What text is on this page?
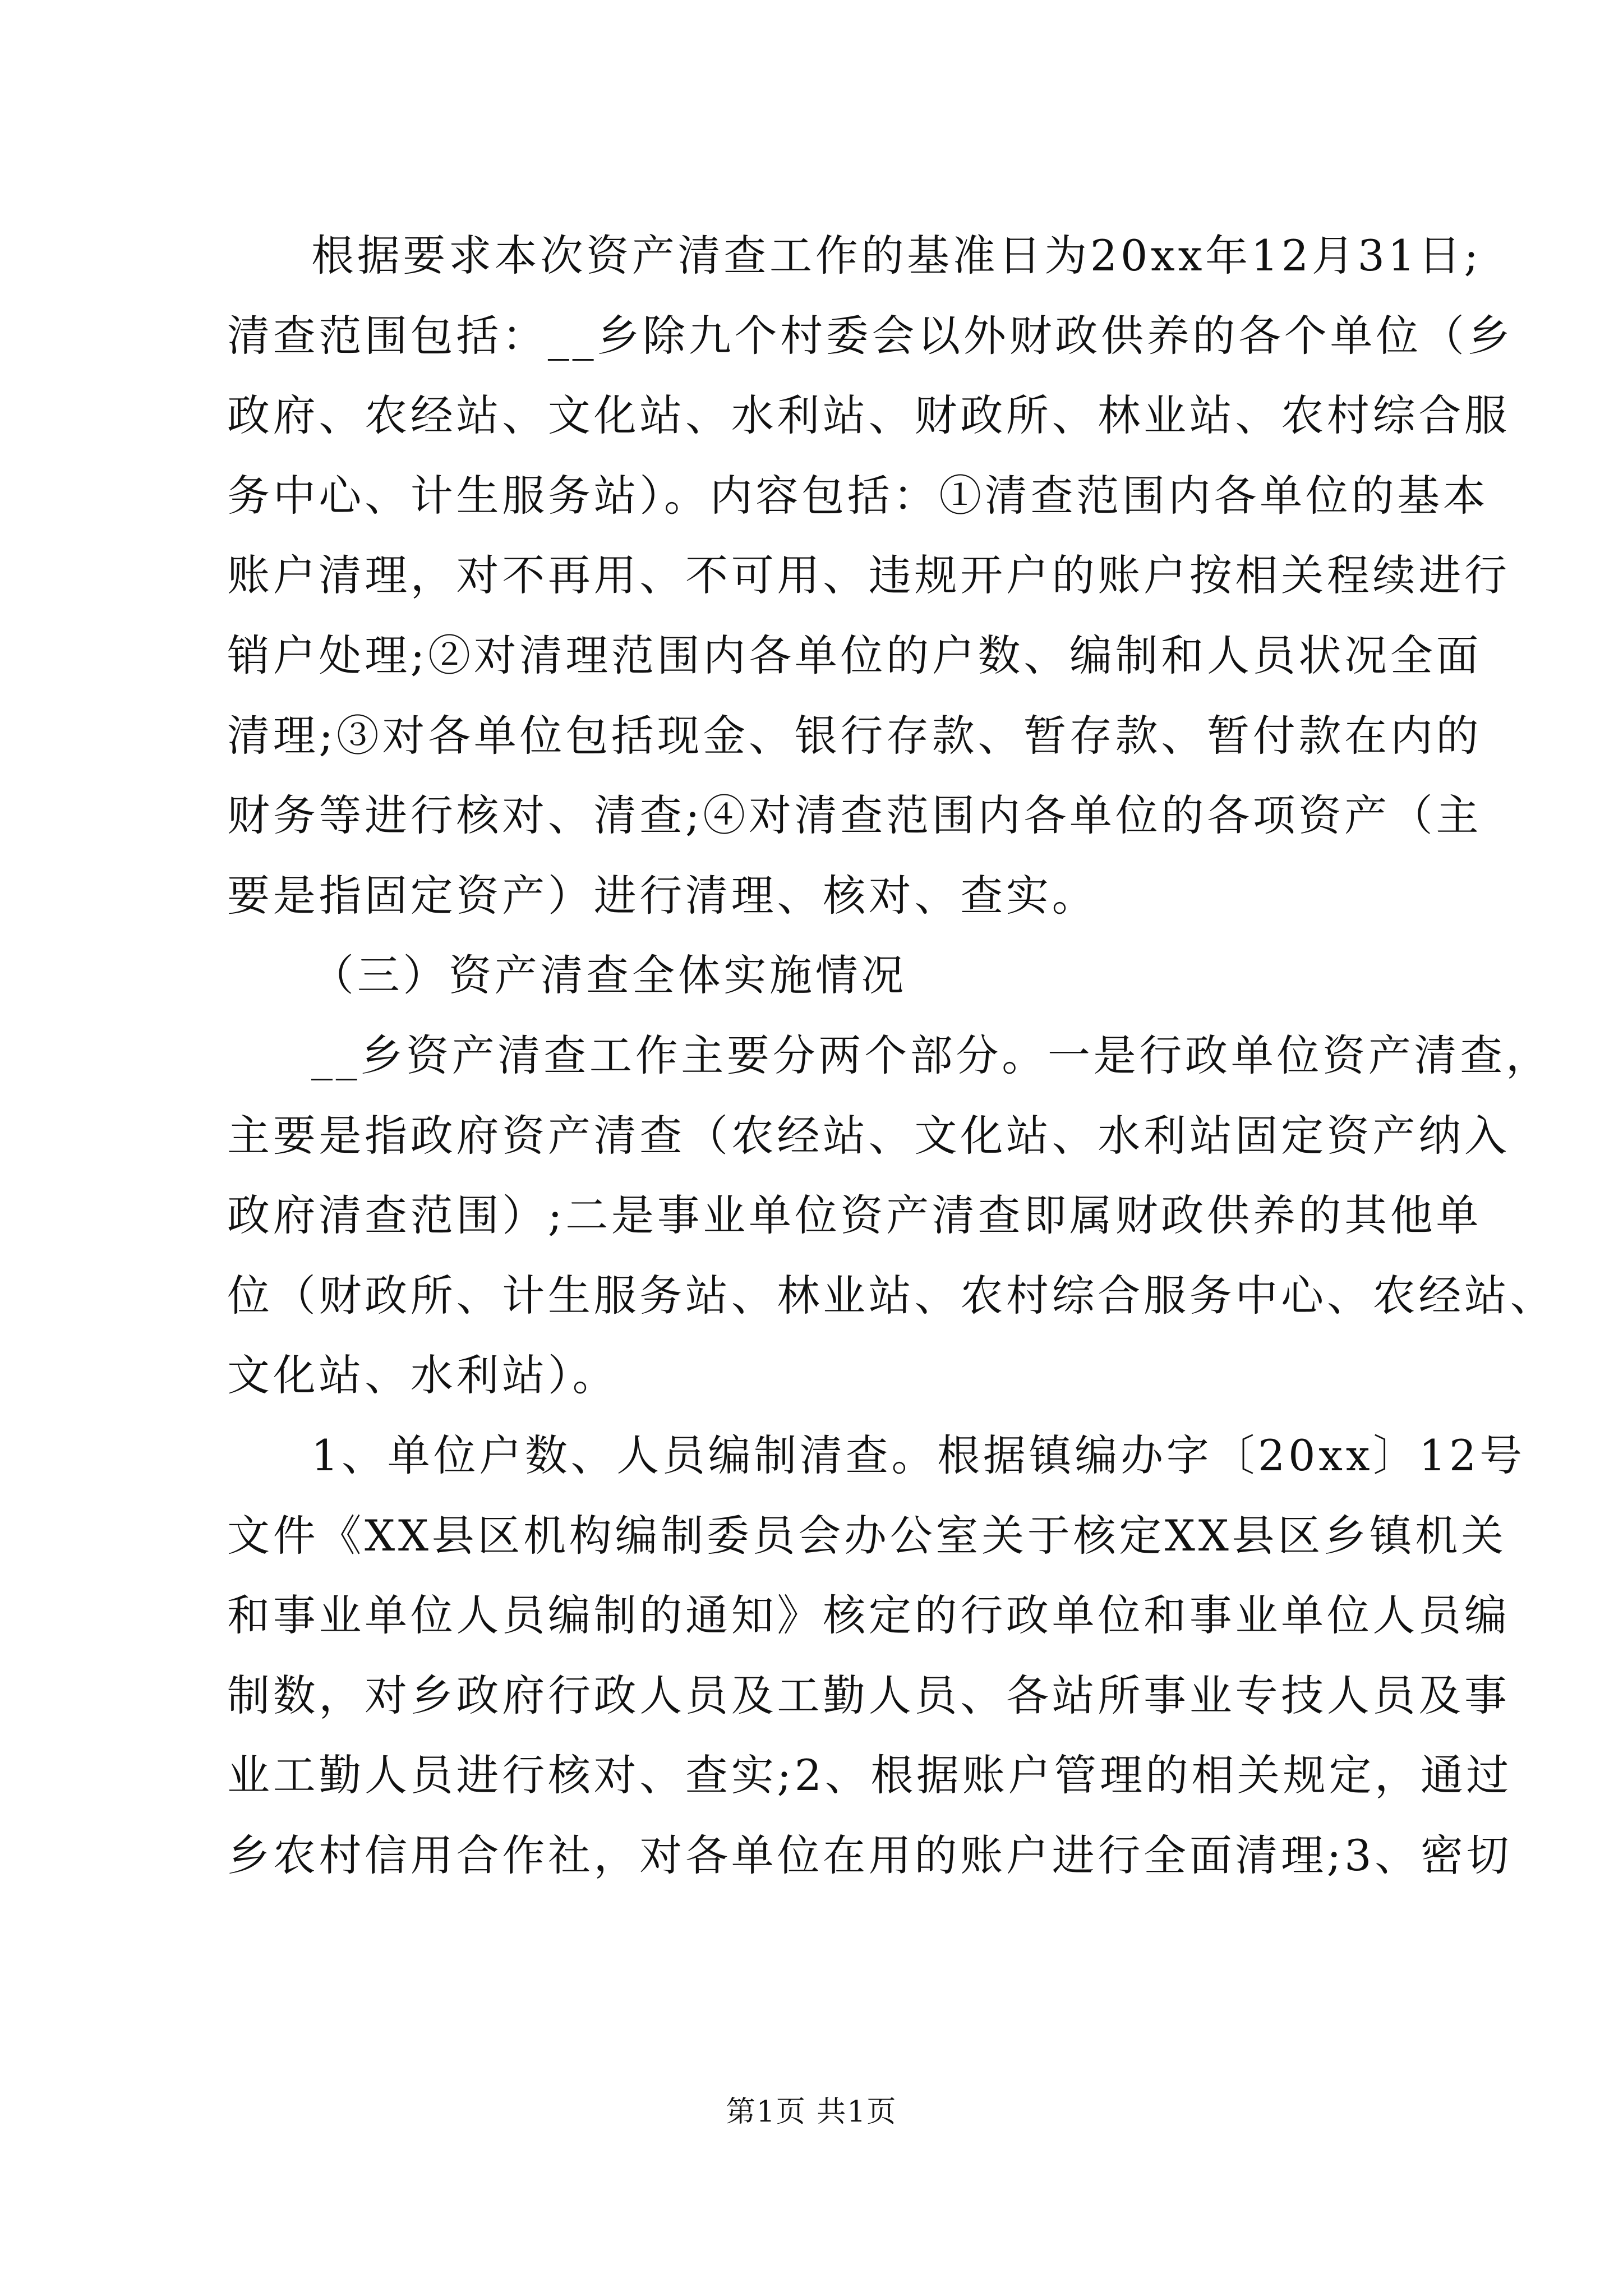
根据要求本次资产清查工作的基准日为20xx年12月31日;
清查范围包括：__乡除九个村委会以外财政供养的各个单位（乡
政府、农经站、文化站、水利站、财政所、林业站、农村综合服
务中心、计生服务站）。内容包括：①清查范围内各单位的基本
账户清理，对不再用、不可用、违规开户的账户按相关程续进行
销户处理;②对清理范围内各单位的户数、编制和人员状况全面
清理;③对各单位包括现金、银行存款、暂存款、暂付款在内的
财务等进行核对、清查;④对清查范围内各单位的各项资产（主
要是指固定资产）进行清理、核对、查实。
（三）资产清查全体实施情况
__乡资产清查工作主要分两个部分。一是行政单位资产清查，
主要是指政府资产清查（农经站、文化站、水利站固定资产纳入
政府清查范围）;二是事业单位资产清查即属财政供养的其他单
位（财政所、计生服务站、林业站、农村综合服务中心、农经站、
文化站、水利站）。
1、单位户数、人员编制清查。根据镇编办字〔20xx〕12号
文件《XX县区机构编制委员会办公室关于核定XX县区乡镇机关
和事业单位人员编制的通知》核定的行政单位和事业单位人员编
制数，对乡政府行政人员及工勤人员、各站所事业专技人员及事
业工勤人员进行核对、查实;2、根据账户管理的相关规定，通过
乡农村信用合作社，对各单位在用的账户进行全面清理;3、密切
第1页 共1页
